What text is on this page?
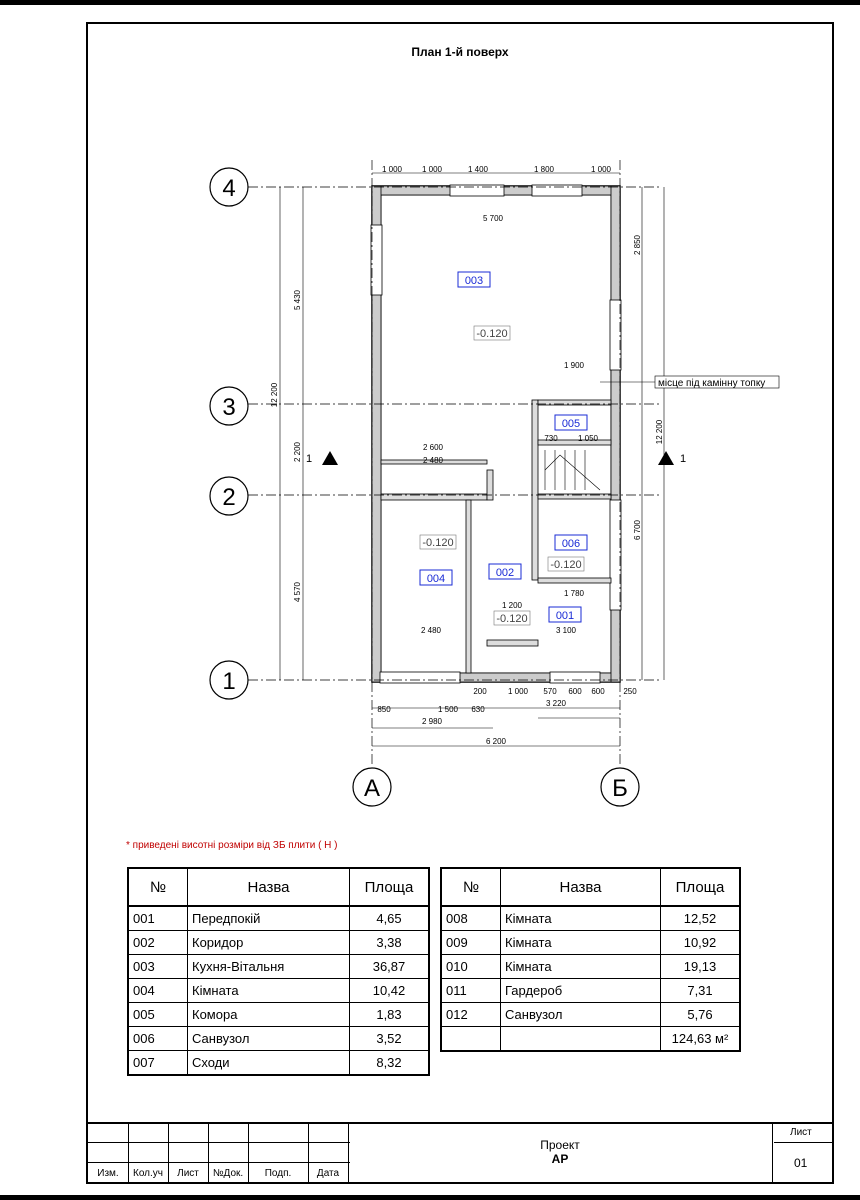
План 1-й поверх
1	1
4
3
2
1
А	Б
1 000 1 000	1 400	1 800	1 000
850	1 500 630
200	1 000 570 600 600 250
2 980
3 220
6 200
5 700
2 600
2 480
2 480
1 900
1 780
1 200
3 100
1 050
730
12 200
5 430
2 200
4 570
2 850
6 700
12 200
003
004	002
005
006
001
-0.120
-0.120
-0.120
-0.120
місце під камінну топку
* приведені висотні розміри від ЗБ плити ( Н )
№	Назва	Площа
001	Передпокій	4,65
002	Коридор	3,38
003	Кухня-Вітальня	36,87
004	Кімната	10,42
005	Комора	1,83
006	Санвузол	3,52
007	Сходи	8,32
№	Назва	Площа
008	Кімната	12,52
009	Кімната	10,92
010	Кімната	19,13
011	Гардероб	7,31
012	Санвузол	5,76
		124,63 м²
Изм.	Кол.уч	Лист	№Док.	Подп.	Дата
Проект
АР
Лист
01
